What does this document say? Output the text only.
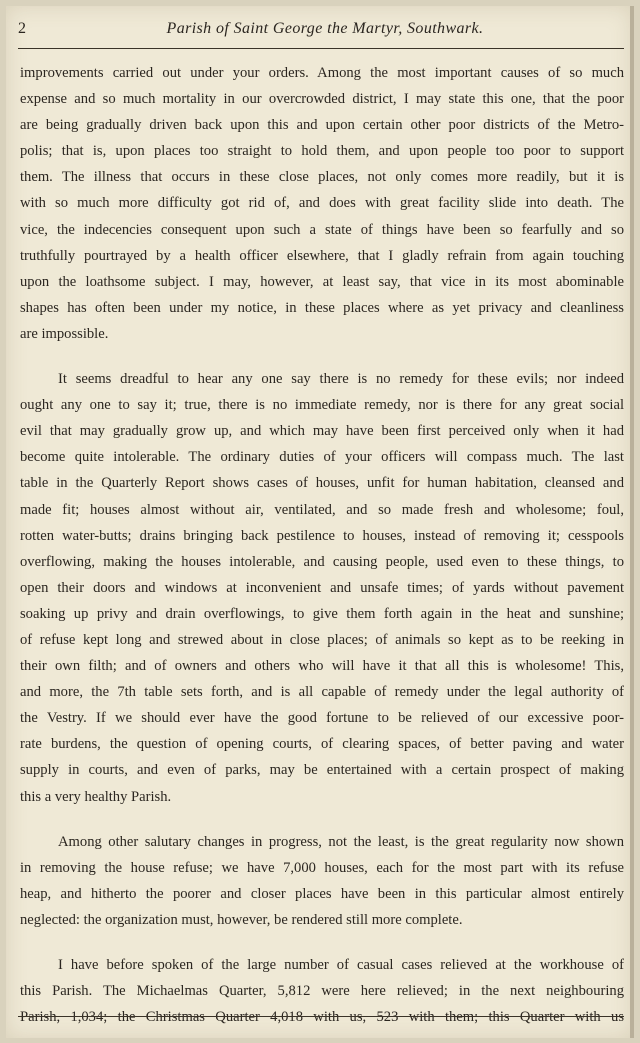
2	Parish of Saint George the Martyr, Southwark.
improvements carried out under your orders. Among the most important causes of so much
expense and so much mortality in our overcrowded district, I may state this one, that the poor
are being gradually driven back upon this and upon certain other poor districts of the Metro-
polis; that is, upon places too straight to hold them, and upon people too poor to support
them. The illness that occurs in these close places, not only comes more readily, but it is
with so much more difficulty got rid of, and does with great facility slide into death. The
vice, the indecencies consequent upon such a state of things have been so fearfully and so
truthfully pourtrayed by a health officer elsewhere, that I gladly refrain from again touching
upon the loathsome subject. I may, however, at least say, that vice in its most abominable
shapes has often been under my notice, in these places where as yet privacy and cleanliness
are impossible.
It seems dreadful to hear any one say there is no remedy for these evils; nor indeed
ought any one to say it; true, there is no immediate remedy, nor is there for any great social
evil that may gradually grow up, and which may have been first perceived only when it had
become quite intolerable. The ordinary duties of your officers will compass much. The last
table in the Quarterly Report shows cases of houses, unfit for human habitation, cleansed and
made fit; houses almost without air, ventilated, and so made fresh and wholesome; foul,
rotten water-butts; drains bringing back pestilence to houses, instead of removing it; cesspools
overflowing, making the houses intolerable, and causing people, used even to these things, to
open their doors and windows at inconvenient and unsafe times; of yards without pavement
soaking up privy and drain overflowings, to give them forth again in the heat and sunshine;
of refuse kept long and strewed about in close places; of animals so kept as to be reeking in
their own filth; and of owners and others who will have it that all this is wholesome! This,
and more, the 7th table sets forth, and is all capable of remedy under the legal authority of
the Vestry. If we should ever have the good fortune to be relieved of our excessive poor-
rate burdens, the question of opening courts, of clearing spaces, of better paving and water
supply in courts, and even of parks, may be entertained with a certain prospect of making
this a very healthy Parish.
Among other salutary changes in progress, not the least, is the great regularity now shown
in removing the house refuse; we have 7,000 houses, each for the most part with its refuse
heap, and hitherto the poorer and closer places have been in this particular almost entirely
neglected: the organization must, however, be rendered still more complete.
I have before spoken of the large number of casual cases relieved at the workhouse of
this Parish. The Michaelmas Quarter, 5,812 were here relieved; in the next neighbouring
Parish, 1,034; the Christmas Quarter 4,018 with us, 523 with them; this Quarter with us
